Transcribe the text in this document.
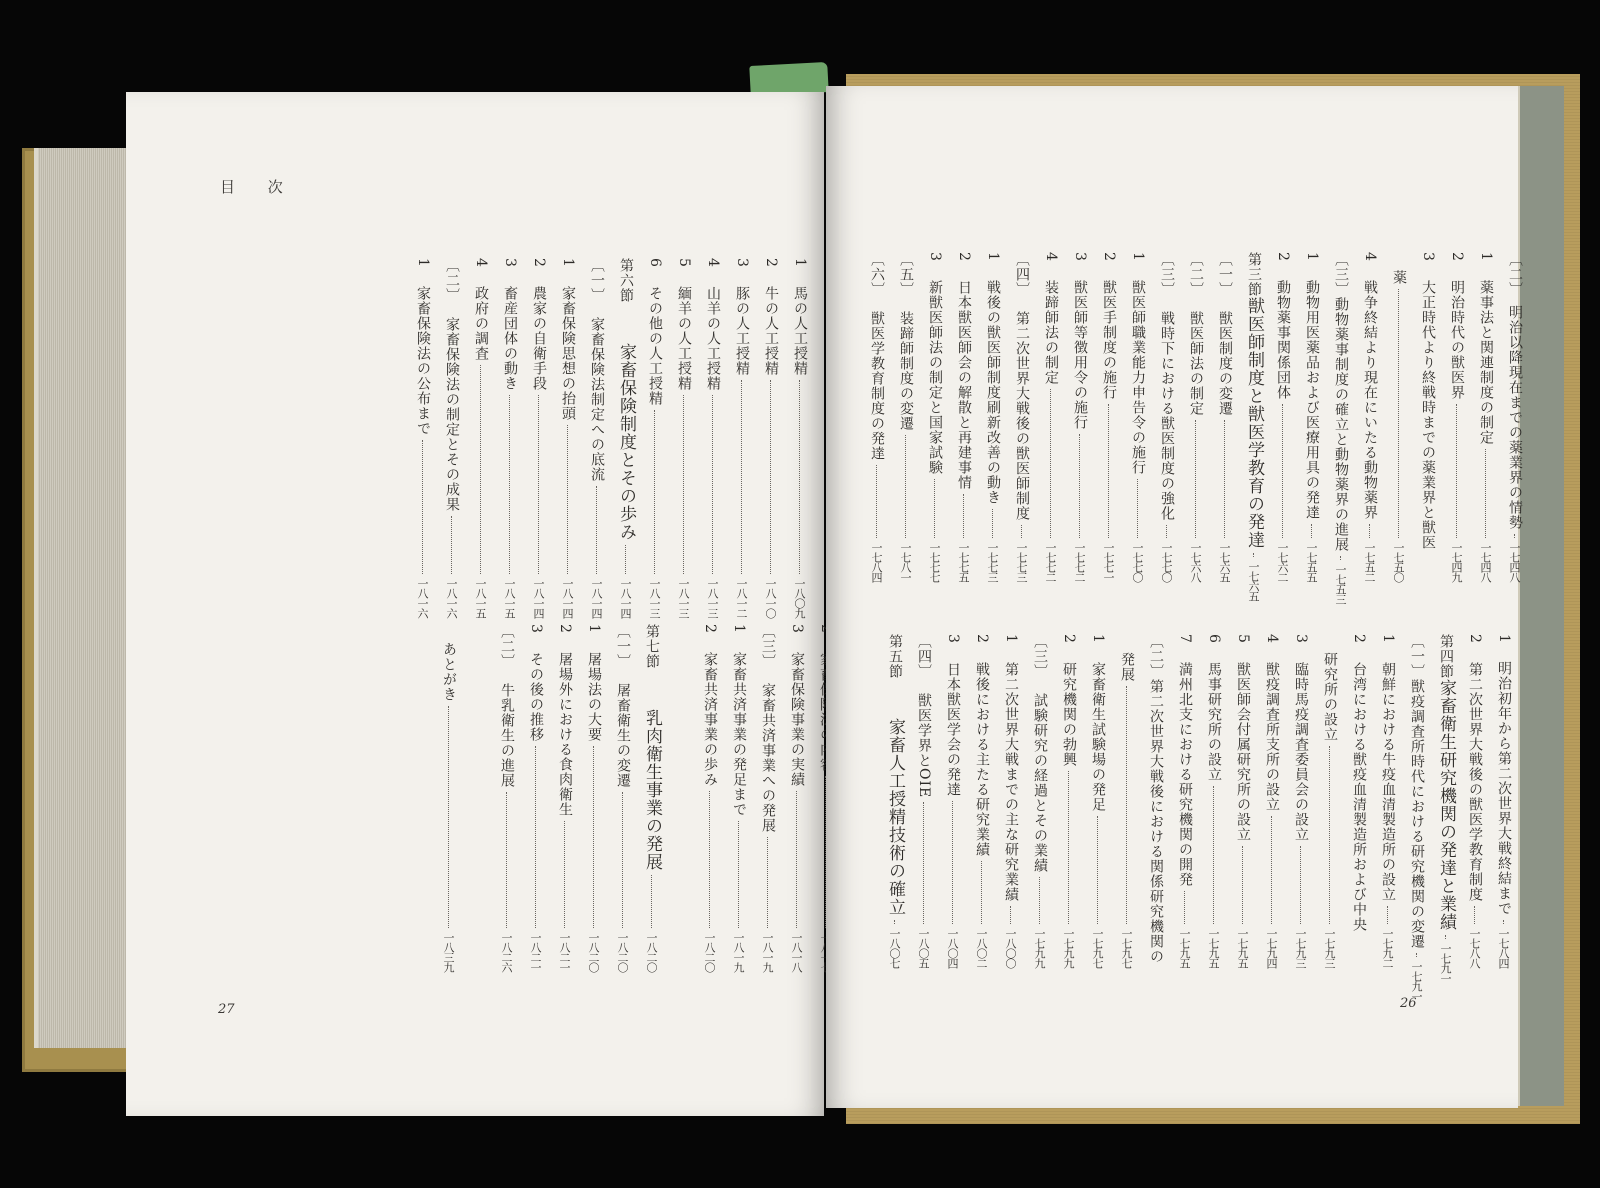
目 次
1
馬の人工授精
一八〇九
2
牛の人工授精
一八一〇
3
豚の人工授精
一八一二
4
山羊の人工授精
一八一三
5
緬羊の人工授精
一八一三
6
その他の人工授精
一八一三
第六節
家畜保険制度とその歩み
一八一四
〔一〕
家畜保険法制定への底流
一八一四
1
家畜保険思想の抬頭
一八一四
2
農家の自衛手段
一八一四
3
畜産団体の動き
一八一五
4
政府の調査
一八一五
〔二〕
家畜保険法の制定とその成果
一八一六
1
家畜保険法の公布まで
一八一六
3
家畜保険事業の実績
一八一八
〔三〕
家畜共済事業への発展
一八一九
1
家畜共済事業の発足まで
一八一九
2
家畜共済事業の歩み
一八二〇
第七節
乳肉衛生事業の発展
一八二〇
〔一〕
屠畜衛生の変遷
一八二〇
1
屠場法の大要
一八二〇
2
屠場外における食肉衛生
一八二一
3
その後の推移
一八二一
〔二〕
牛乳衛生の進展
一八二六
あとがき
一八三九
27
〔二〕
明治以降現在までの薬業界の情勢
一七四八
1
薬事法と関連制度の制定
一七四八
2
明治時代の獣医界
一七四九
3
大正時代より終戦時までの薬業界と獣医
薬
一七五〇
4
戦争終結より現在にいたる動物薬界
一七五二
〔三〕
動物薬事制度の確立と動物薬界の進展
一七五三
1
動物用医薬品および医療用具の発達
一七五五
2
動物薬事関係団体
一七六二
第三節
獣医師制度と獣医学教育の発達
一七六五
〔一〕
獣医制度の変遷
一七六五
〔二〕
獣医師法の制定
一七六八
〔三〕
戦時下における獣医制度の強化
一七七〇
1
獣医師職業能力申告令の施行
一七七〇
2
獣医手制度の施行
一七七一
3
獣医師等徴用令の施行
一七七二
4
装蹄師法の制定
一七七二
〔四〕
第二次世界大戦後の獣医師制度
一七七三
1
戦後の獣医師制度刷新改善の動き
一七七三
2
日本獣医師会の解散と再建事情
一七七五
3
新獣医師法の制定と国家試験
一七七七
〔五〕
装蹄師制度の変遷
一七八一
〔六〕
獣医学教育制度の発達
一七八四
1
明治初年から第二次世界大戦終結まで
一七八四
2
第二次世界大戦後の獣医学教育制度
一七八八
第四節
家畜衛生研究機関の発達と業績
一七九一
〔一〕
獣疫調査所時代における研究機関の変遷
一七九一
1
朝鮮における牛疫血清製造所の設立
一七九二
2
台湾における獣疫血清製造所および中央
研究所の設立
一七九三
3
臨時馬疫調査委員会の設立
一七九三
4
獣疫調査所支所の設立
一七九四
5
獣医師会付属研究所の設立
一七九五
6
馬事研究所の設立
一七九五
7
満州北支における研究機関の開発
一七九五
〔二〕
第二次世界大戦後における関係研究機関の
発展
一七九七
1
家畜衛生試験場の発足
一七九七
2
研究機関の勃興
一七九九
〔三〕
試験研究の経過とその業績
一七九九
1
第二次世界大戦までの主な研究業績
一八〇〇
2
戦後における主たる研究業績
一八〇二
3
日本獣医学会の発達
一八〇四
〔四〕
獣医学界とOIE
一八〇五
第五節
家畜人工授精技術の確立
一八〇七
26
